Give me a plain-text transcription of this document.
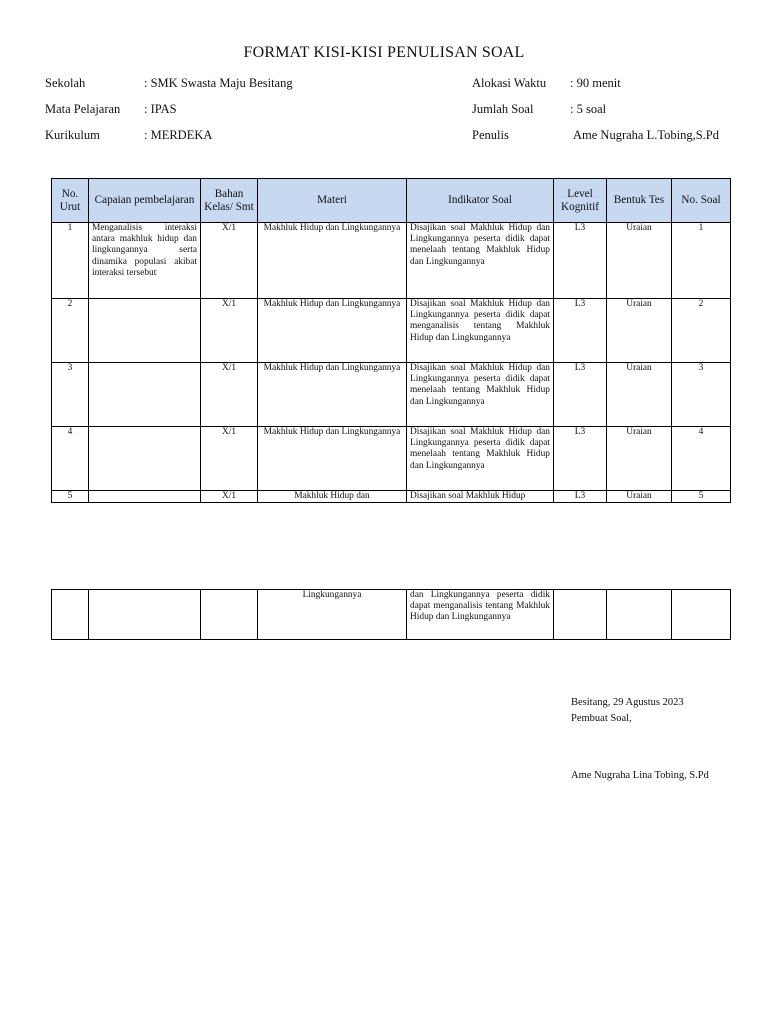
FORMAT KISI-KISI PENULISAN SOAL
Sekolah	: SMK Swasta Maju Besitang
Mata Pelajaran : IPAS
Kurikulum	: MERDEKA
Alokasi Waktu : 90 menit
Jumlah Soal	: 5 soal
Penulis	Ame Nugraha L.Tobing,S.Pd
No. Urut	Capaian pembelajaran	Bahan Kelas/ Smt	Materi	Indikator Soal	Level Kognitif	Bentuk Tes	No. Soal
1	Menganalisis interaksi antara makhluk hidup dan lingkungannya serta dinamika populasi akibat interaksi tersebut	X/1	Makhluk Hidup dan Lingkungannya	Disajikan soal Makhluk Hidup dan Lingkungannya peserta didik dapat menelaah tentang Makhluk Hidup dan Lingkungannya	L3	Uraian	1
2		X/1	Makhluk Hidup dan Lingkungannya	Disajikan soal Makhluk Hidup dan Lingkungannya peserta didik dapat menganalisis tentang Makhluk Hidup dan Lingkungannya	L3	Uraian	2
3		X/1	Makhluk Hidup dan Lingkungannya	Disajikan soal Makhluk Hidup dan Lingkungannya peserta didik dapat menelaah tentang Makhluk Hidup dan Lingkungannya	L3	Uraian	3
4		X/1	Makhluk Hidup dan Lingkungannya	Disajikan soal Makhluk Hidup dan Lingkungannya peserta didik dapat menelaah tentang Makhluk Hidup dan Lingkungannya	L3	Uraian	4
5		X/1	Makhluk Hidup dan	Disajikan soal Makhluk Hidup	L3	Uraian	5
			Lingkungannya	dan Lingkungannya peserta didik dapat menganalisis tentang Makhluk Hidup dan Lingkungannya			
Besitang, 29 Agustus 2023
Pembuat Soal,
Ame Nugraha Lina Tobing, S.Pd
